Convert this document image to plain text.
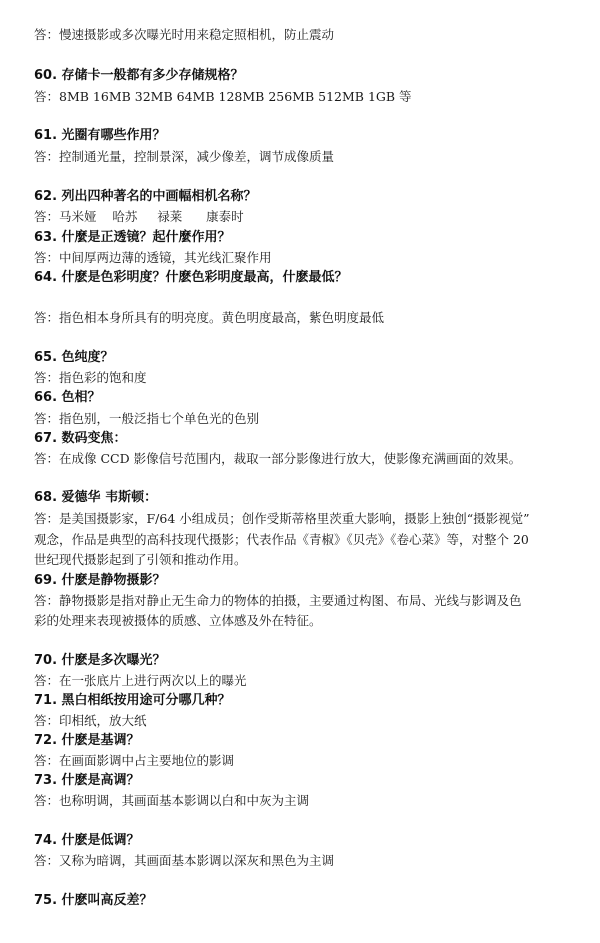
答：慢速摄影或多次曝光时用来稳定照相机，防止震动
60. 存储卡一般都有多少存储规格？
答：8MB 16MB 32MB 64MB 128MB 256MB 512MB 1GB 等
61. 光圈有哪些作用？
答：控制通光量，控制景深，减少像差，调节成像质量
62. 列出四种著名的中画幅相机名称？
答：马米娅    哈苏     禄莱      康泰时
63. 什麼是正透镜？起什麼作用？
答：中间厚两边薄的透镜，其光线汇聚作用
64. 什麽是色彩明度？什麽色彩明度最高，什麽最低？
答：指色相本身所具有的明亮度。黄色明度最高，紫色明度最低
65. 色纯度？
答：指色彩的饱和度
66. 色相？
答：指色别，一般泛指七个单色光的色别
67. 数码变焦：
答：在成像 CCD 影像信号范围内，裁取一部分影像进行放大，使影像充满画面的效果。
68. 爱德华 韦斯顿：
答：是美国摄影家，F/64 小组成员；创作受斯蒂格里茨重大影响，摄影上独创“摄影视觉”
观念，作品是典型的高科技现代摄影；代表作品《青椒》《贝壳》《卷心菜》等，对整个 20
世纪现代摄影起到了引领和推动作用。
69. 什麽是静物摄影？
答：静物摄影是指对静止无生命力的物体的拍摄，主要通过构图、布局、光线与影调及色
彩的处理来表现被摄体的质感、立体感及外在特征。
70. 什麽是多次曝光？
答：在一张底片上进行两次以上的曝光
71. 黑白相纸按用途可分哪几种？
答：印相纸，放大纸
72. 什麽是基调？
答：在画面影调中占主要地位的影调
73. 什麽是高调？
答：也称明调，其画面基本影调以白和中灰为主调
74. 什麽是低调？
答：又称为暗调，其画面基本影调以深灰和黑色为主调
75. 什麽叫高反差？
